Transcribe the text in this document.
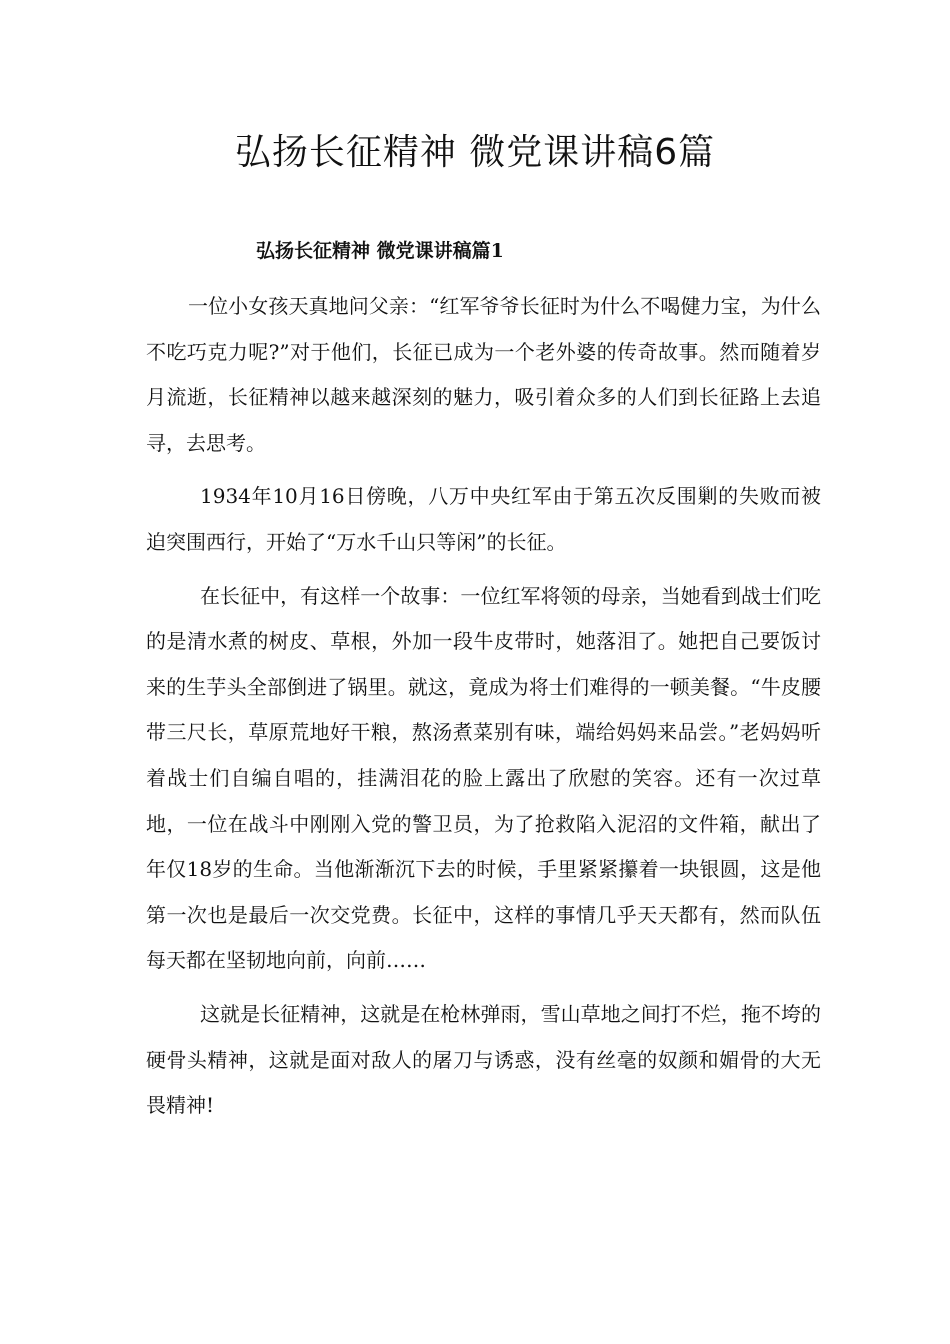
弘扬长征精神 微党课讲稿6篇
弘扬长征精神 微党课讲稿篇1

一位小女孩天真地问父亲：“红军爷爷长征时为什么不喝健力宝，为什么不吃巧克力呢?”对于他们，长征已成为一个老外婆的传奇故事。然而随着岁月流逝，长征精神以越来越深刻的魅力，吸引着众多的人们到长征路上去追寻，去思考。

1934年10月16日傍晚，八万中央红军由于第五次反围剿的失败而被迫突围西行，开始了“万水千山只等闲”的长征。

在长征中，有这样一个故事：一位红军将领的母亲，当她看到战士们吃的是清水煮的树皮、草根，外加一段牛皮带时，她落泪了。她把自己要饭讨来的生芋头全部倒进了锅里。就这，竟成为将士们难得的一顿美餐。“牛皮腰带三尺长，草原荒地好干粮，熬汤煮菜别有味，端给妈妈来品尝。”老妈妈听着战士们自编自唱的，挂满泪花的脸上露出了欣慰的笑容。还有一次过草地，一位在战斗中刚刚入党的警卫员，为了抢救陷入泥沼的文件箱，献出了年仅18岁的生命。当他渐渐沉下去的时候，手里紧紧攥着一块银圆，这是他第一次也是最后一次交党费。长征中，这样的事情几乎天天都有，然而队伍每天都在坚韧地向前，向前……

这就是长征精神，这就是在枪林弹雨，雪山草地之间打不烂，拖不垮的硬骨头精神，这就是面对敌人的屠刀与诱惑，没有丝毫的奴颜和媚骨的大无畏精神!
